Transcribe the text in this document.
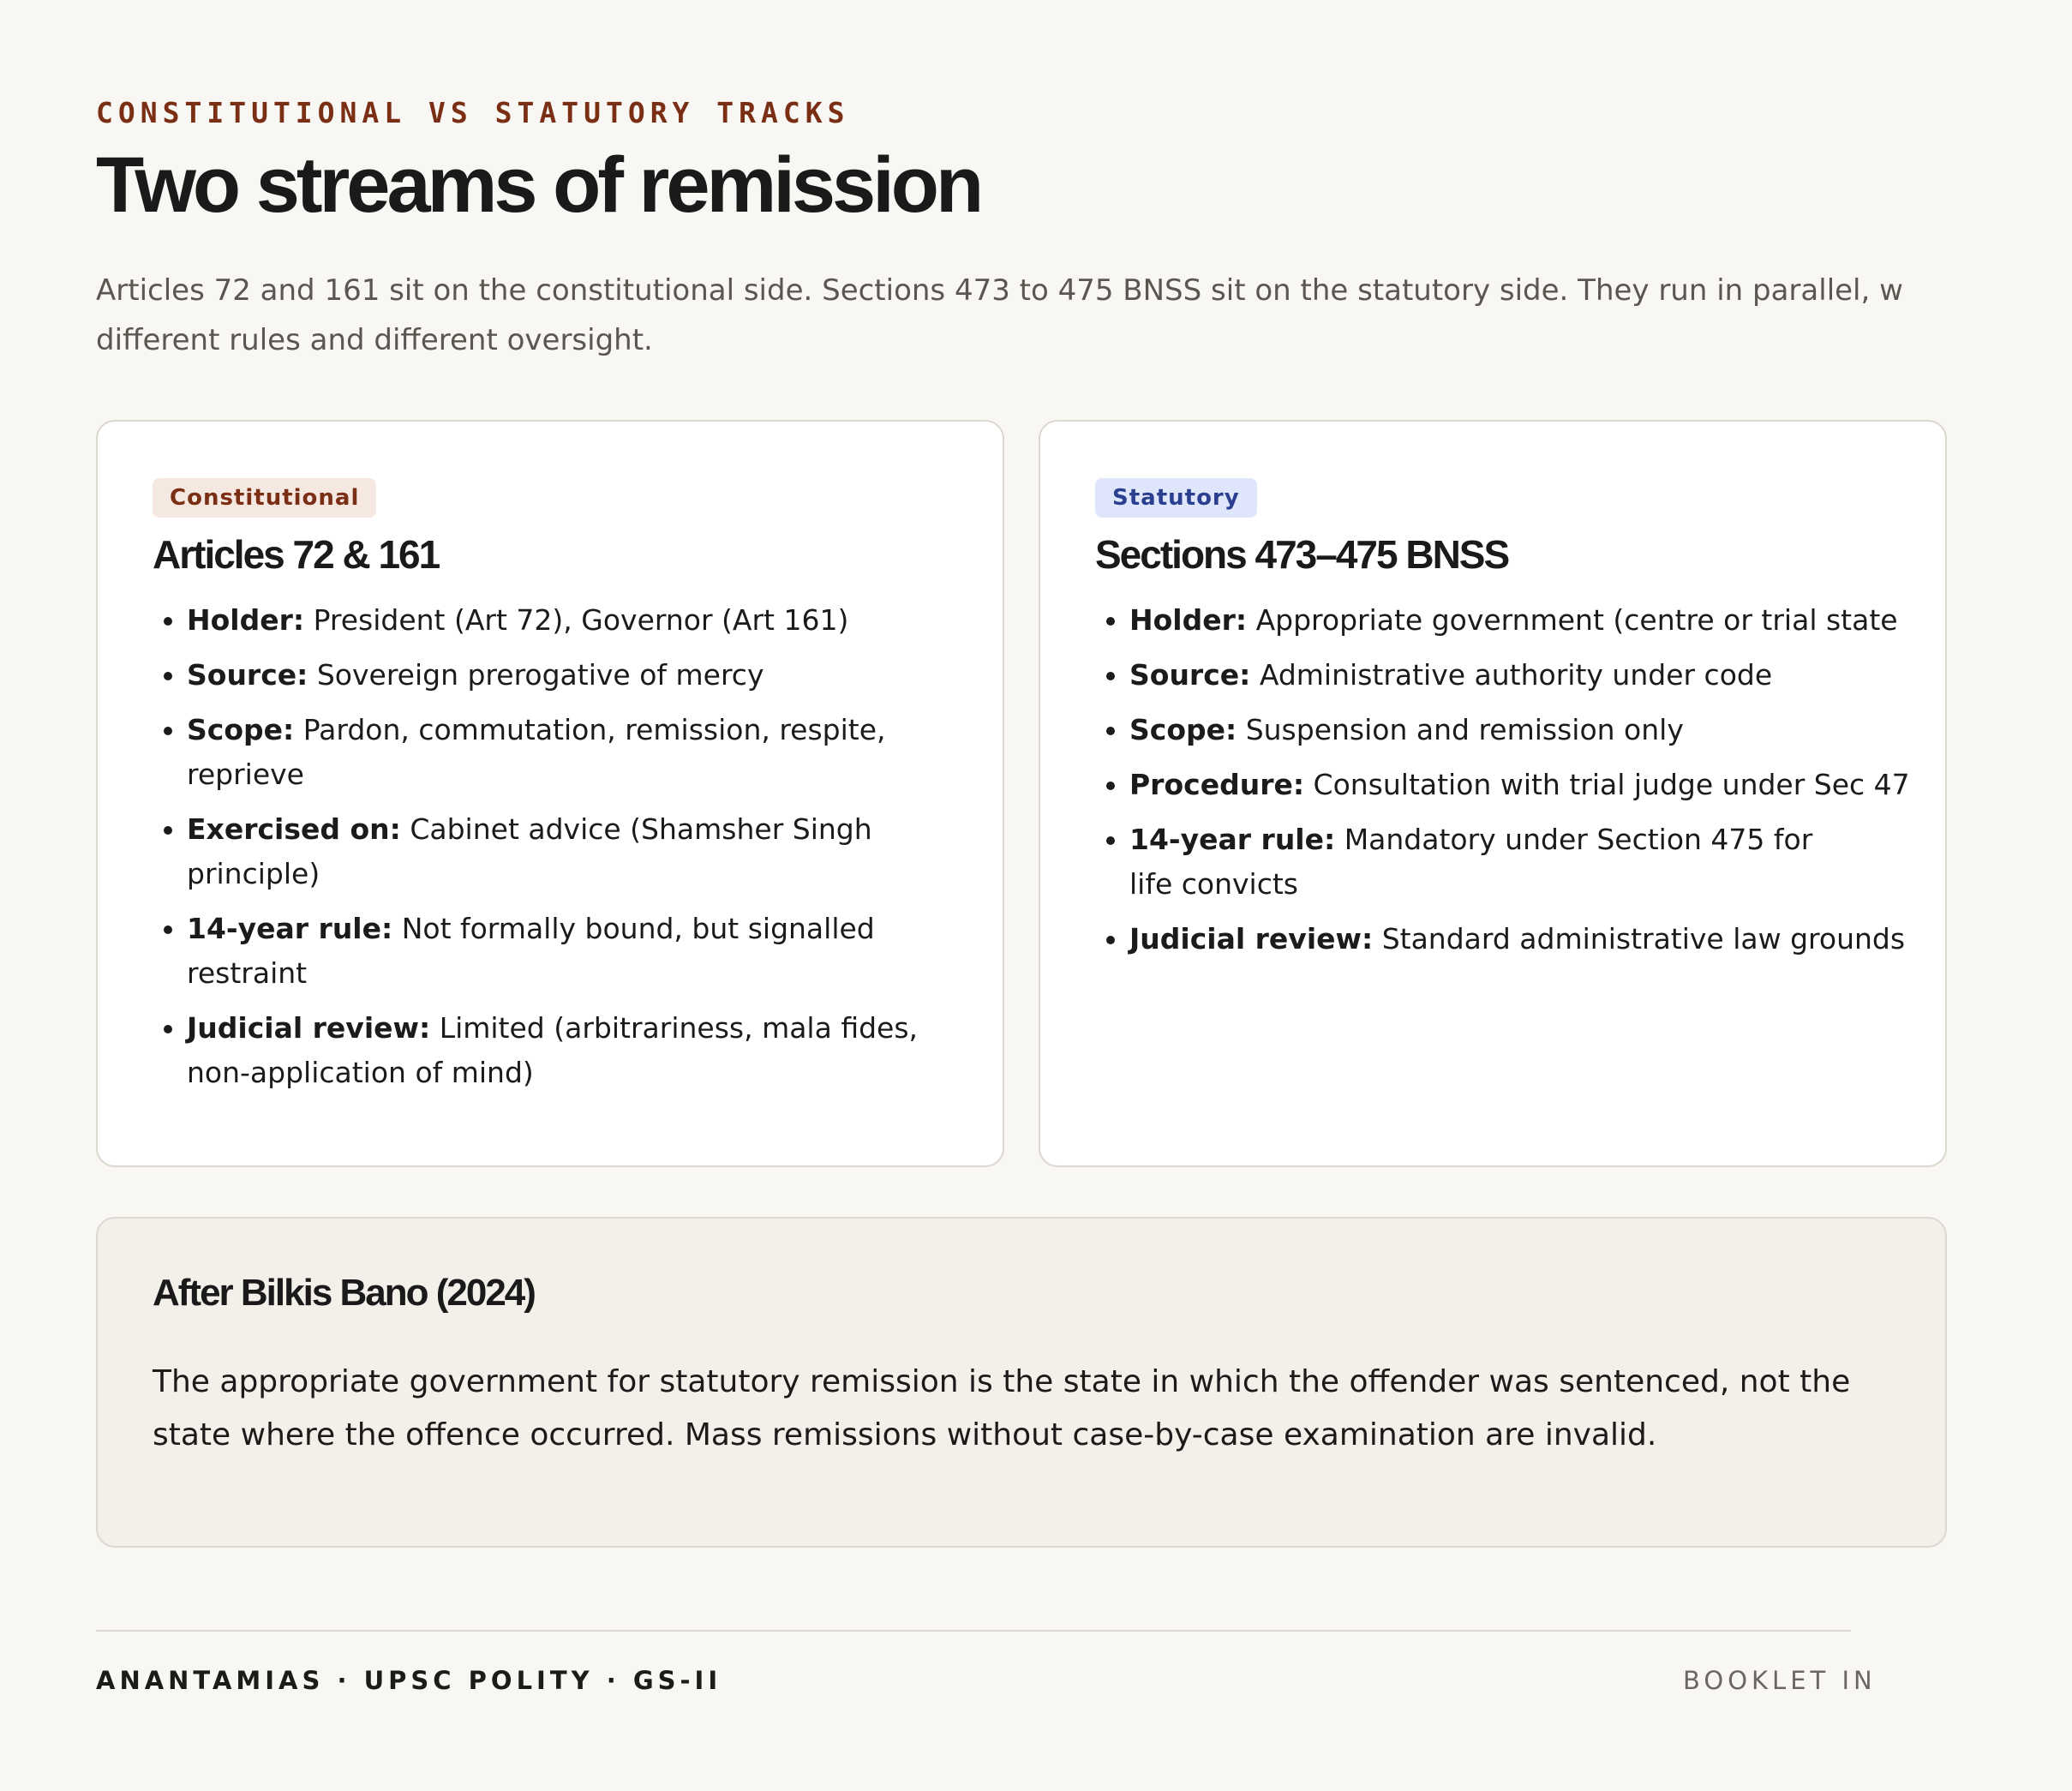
CONSTITUTIONAL VS STATUTORY TRACKS
Two streams of remission

Articles 72 and 161 sit on the constitutional side. Sections 473 to 475 BNSS sit on the statutory side. They run in parallel, w different rules and different oversight.

Constitutional
Articles 72 & 161
• Holder: President (Art 72), Governor (Art 161)
• Source: Sovereign prerogative of mercy
• Scope: Pardon, commutation, remission, respite, reprieve
• Exercised on: Cabinet advice (Shamsher Singh principle)
• 14-year rule: Not formally bound, but signalled restraint
• Judicial review: Limited (arbitrariness, mala fides, non-application of mind)
Statutory
Sections 473–475 BNSS
• Holder: Appropriate government (centre or trial state
• Source: Administrative authority under code
• Scope: Suspension and remission only
• Procedure: Consultation with trial judge under Sec 47
• 14-year rule: Mandatory under Section 475 for life convicts
• Judicial review: Standard administrative law grounds
After Bilkis Bano (2024)

The appropriate government for statutory remission is the state in which the offender was sentenced, not the state where the offence occurred. Mass remissions without case-by-case examination are invalid.

ANANTAMIAS · UPSC POLITY · GS-II	BOOKLET IN
